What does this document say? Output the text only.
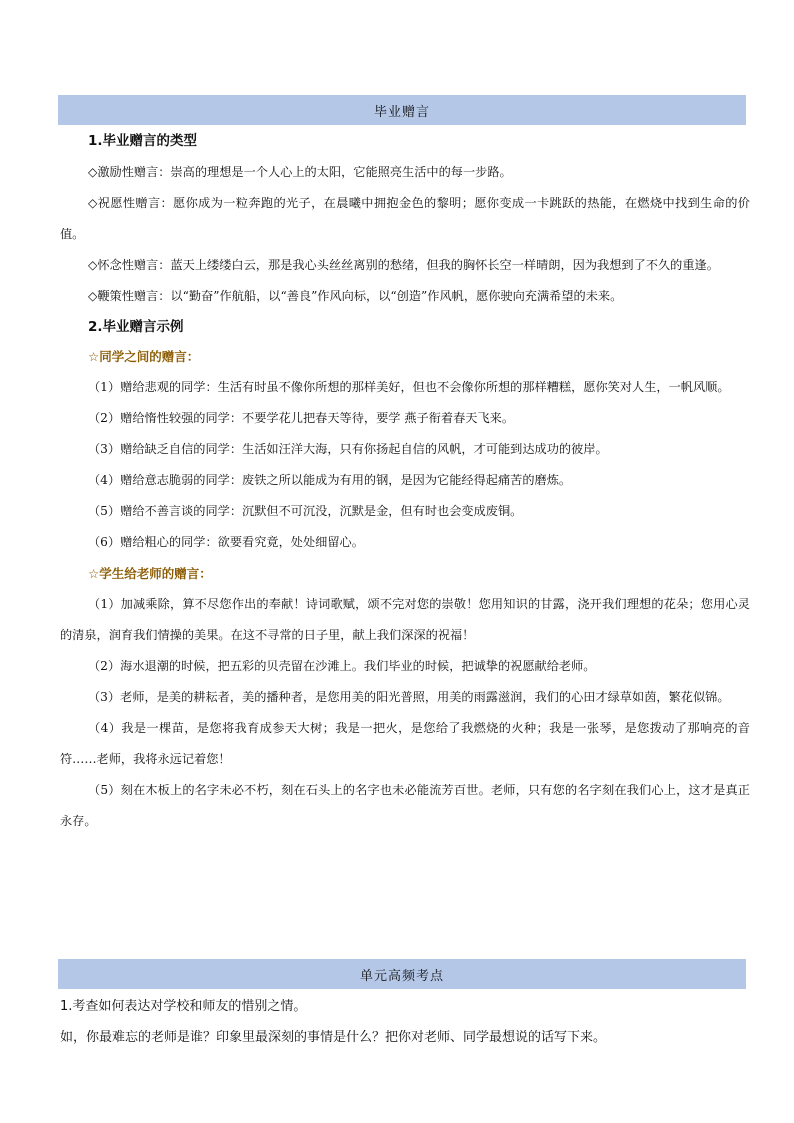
毕业赠言

1.毕业赠言的类型

◇激励性赠言：崇高的理想是一个人心上的太阳，它能照亮生活中的每一步路。

◇祝愿性赠言：愿你成为一粒奔跑的光子，在晨曦中拥抱金色的黎明；愿你变成一卡跳跃的热能，在燃烧中找到生命的价值。

◇怀念性赠言：蓝天上缕缕白云，那是我心头丝丝离别的愁绪，但我的胸怀长空一样晴朗，因为我想到了不久的重逢。

◇鞭策性赠言：以“勤奋”作航船，以“善良”作风向标，以“创造”作风帆，愿你驶向充满希望的未来。

2.毕业赠言示例

☆同学之间的赠言：

（1）赠给悲观的同学：生活有时虽不像你所想的那样美好，但也不会像你所想的那样糟糕，愿你笑对人生，一帆风顺。

（2）赠给惰性较强的同学：不要学花儿把春天等待，要学 燕子衔着春天飞来。

（3）赠给缺乏自信的同学：生活如汪洋大海，只有你扬起自信的风帆，才可能到达成功的彼岸。

（4）赠给意志脆弱的同学：废铁之所以能成为有用的钢，是因为它能经得起痛苦的磨炼。

（5）赠给不善言谈的同学：沉默但不可沉没，沉默是金，但有时也会变成废铜。

（6）赠给粗心的同学：欲要看究竟，处处细留心。

☆学生给老师的赠言：

（1）加减乘除，算不尽您作出的奉献！诗词歌赋，颂不完对您的崇敬！您用知识的甘露，浇开我们理想的花朵；您用心灵的清泉，润育我们情操的美果。在这不寻常的日子里，献上我们深深的祝福！

（2）海水退潮的时候，把五彩的贝壳留在沙滩上。我们毕业的时候，把诚挚的祝愿献给老师。

（3）老师，是美的耕耘者，美的播种者，是您用美的阳光普照，用美的雨露滋润，我们的心田才绿草如茵，繁花似锦。

（4）我是一棵苗，是您将我育成参天大树；我是一把火，是您给了我燃烧的火种；我是一张琴，是您拨动了那响亮的音符……老师，我将永远记着您！

（5）刻在木板上的名字未必不朽，刻在石头上的名字也未必能流芳百世。老师，只有您的名字刻在我们心上，这才是真正永存。

单元高频考点

1.考查如何表达对学校和师友的惜别之情。

如，你最难忘的老师是谁？印象里最深刻的事情是什么？把你对老师、同学最想说的话写下来。
